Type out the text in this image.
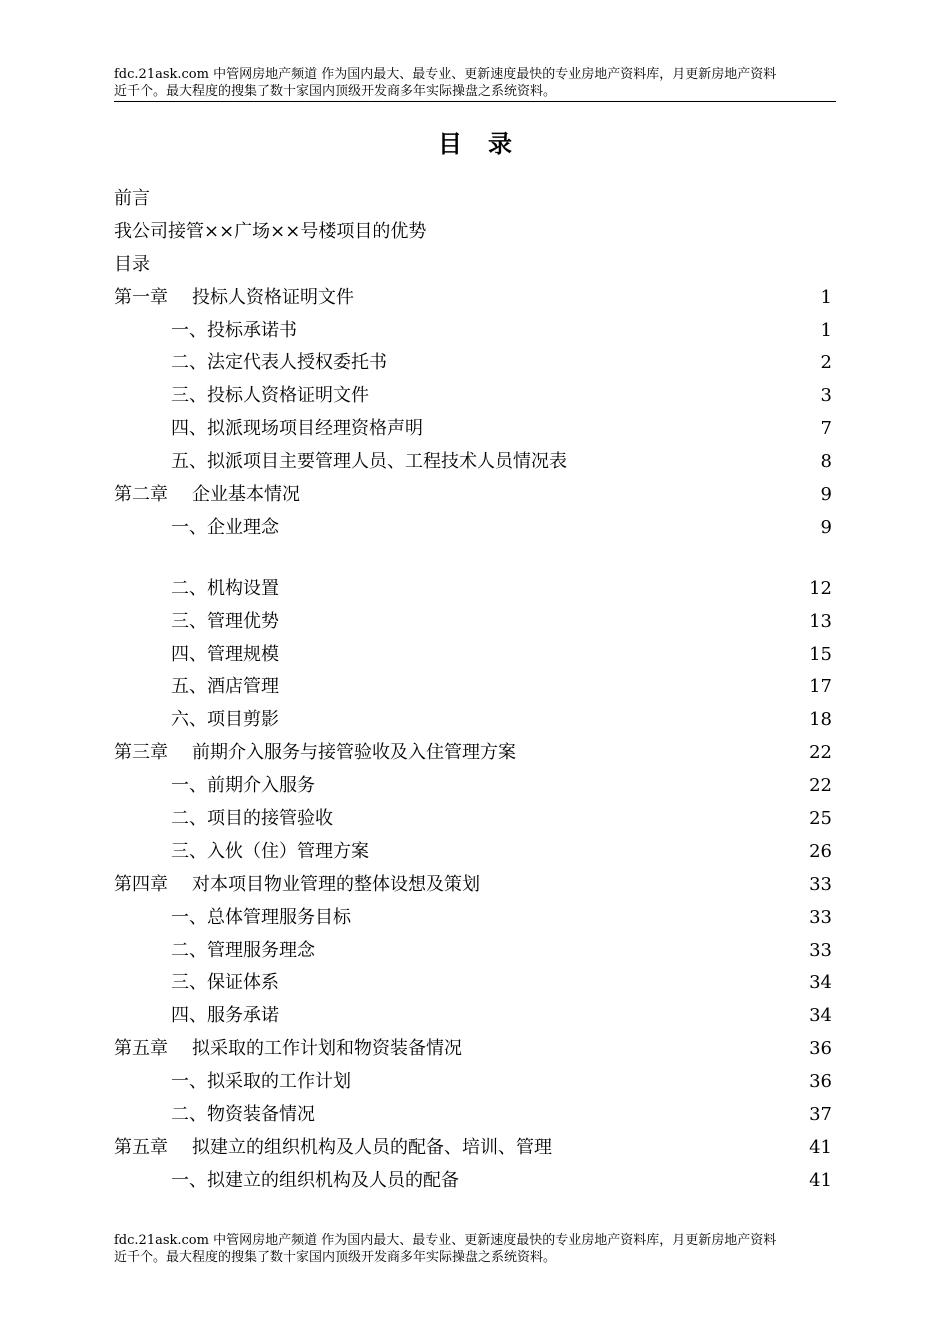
fdc.21ask.com 中管网房地产频道 作为国内最大、最专业、更新速度最快的专业房地产资料库，月更新房地产资料
近千个。最大程度的搜集了数十家国内顶级开发商多年实际操盘之系统资料。
目录
前言
我公司接管××广场××号楼项目的优势
目录
第一章 投标人资格证明文件	1
一、投标承诺书	1
二、法定代表人授权委托书	2
三、投标人资格证明文件	3
四、拟派现场项目经理资格声明	7
五、拟派项目主要管理人员、工程技术人员情况表	8
第二章 企业基本情况	9
一、企业理念	9
二、机构设置	12
三、管理优势	13
四、管理规模	15
五、酒店管理	17
六、项目剪影	18
第三章 前期介入服务与接管验收及入住管理方案	22
一、前期介入服务	22
二、项目的接管验收	25
三、入伙（住）管理方案	26
第四章 对本项目物业管理的整体设想及策划	33
一、总体管理服务目标	33
二、管理服务理念	33
三、保证体系	34
四、服务承诺	34
第五章 拟采取的工作计划和物资装备情况	36
一、拟采取的工作计划	36
二、物资装备情况	37
第五章 拟建立的组织机构及人员的配备、培训、管理	41
一、拟建立的组织机构及人员的配备	41
fdc.21ask.com 中管网房地产频道 作为国内最大、最专业、更新速度最快的专业房地产资料库，月更新房地产资料
近千个。最大程度的搜集了数十家国内顶级开发商多年实际操盘之系统资料。
